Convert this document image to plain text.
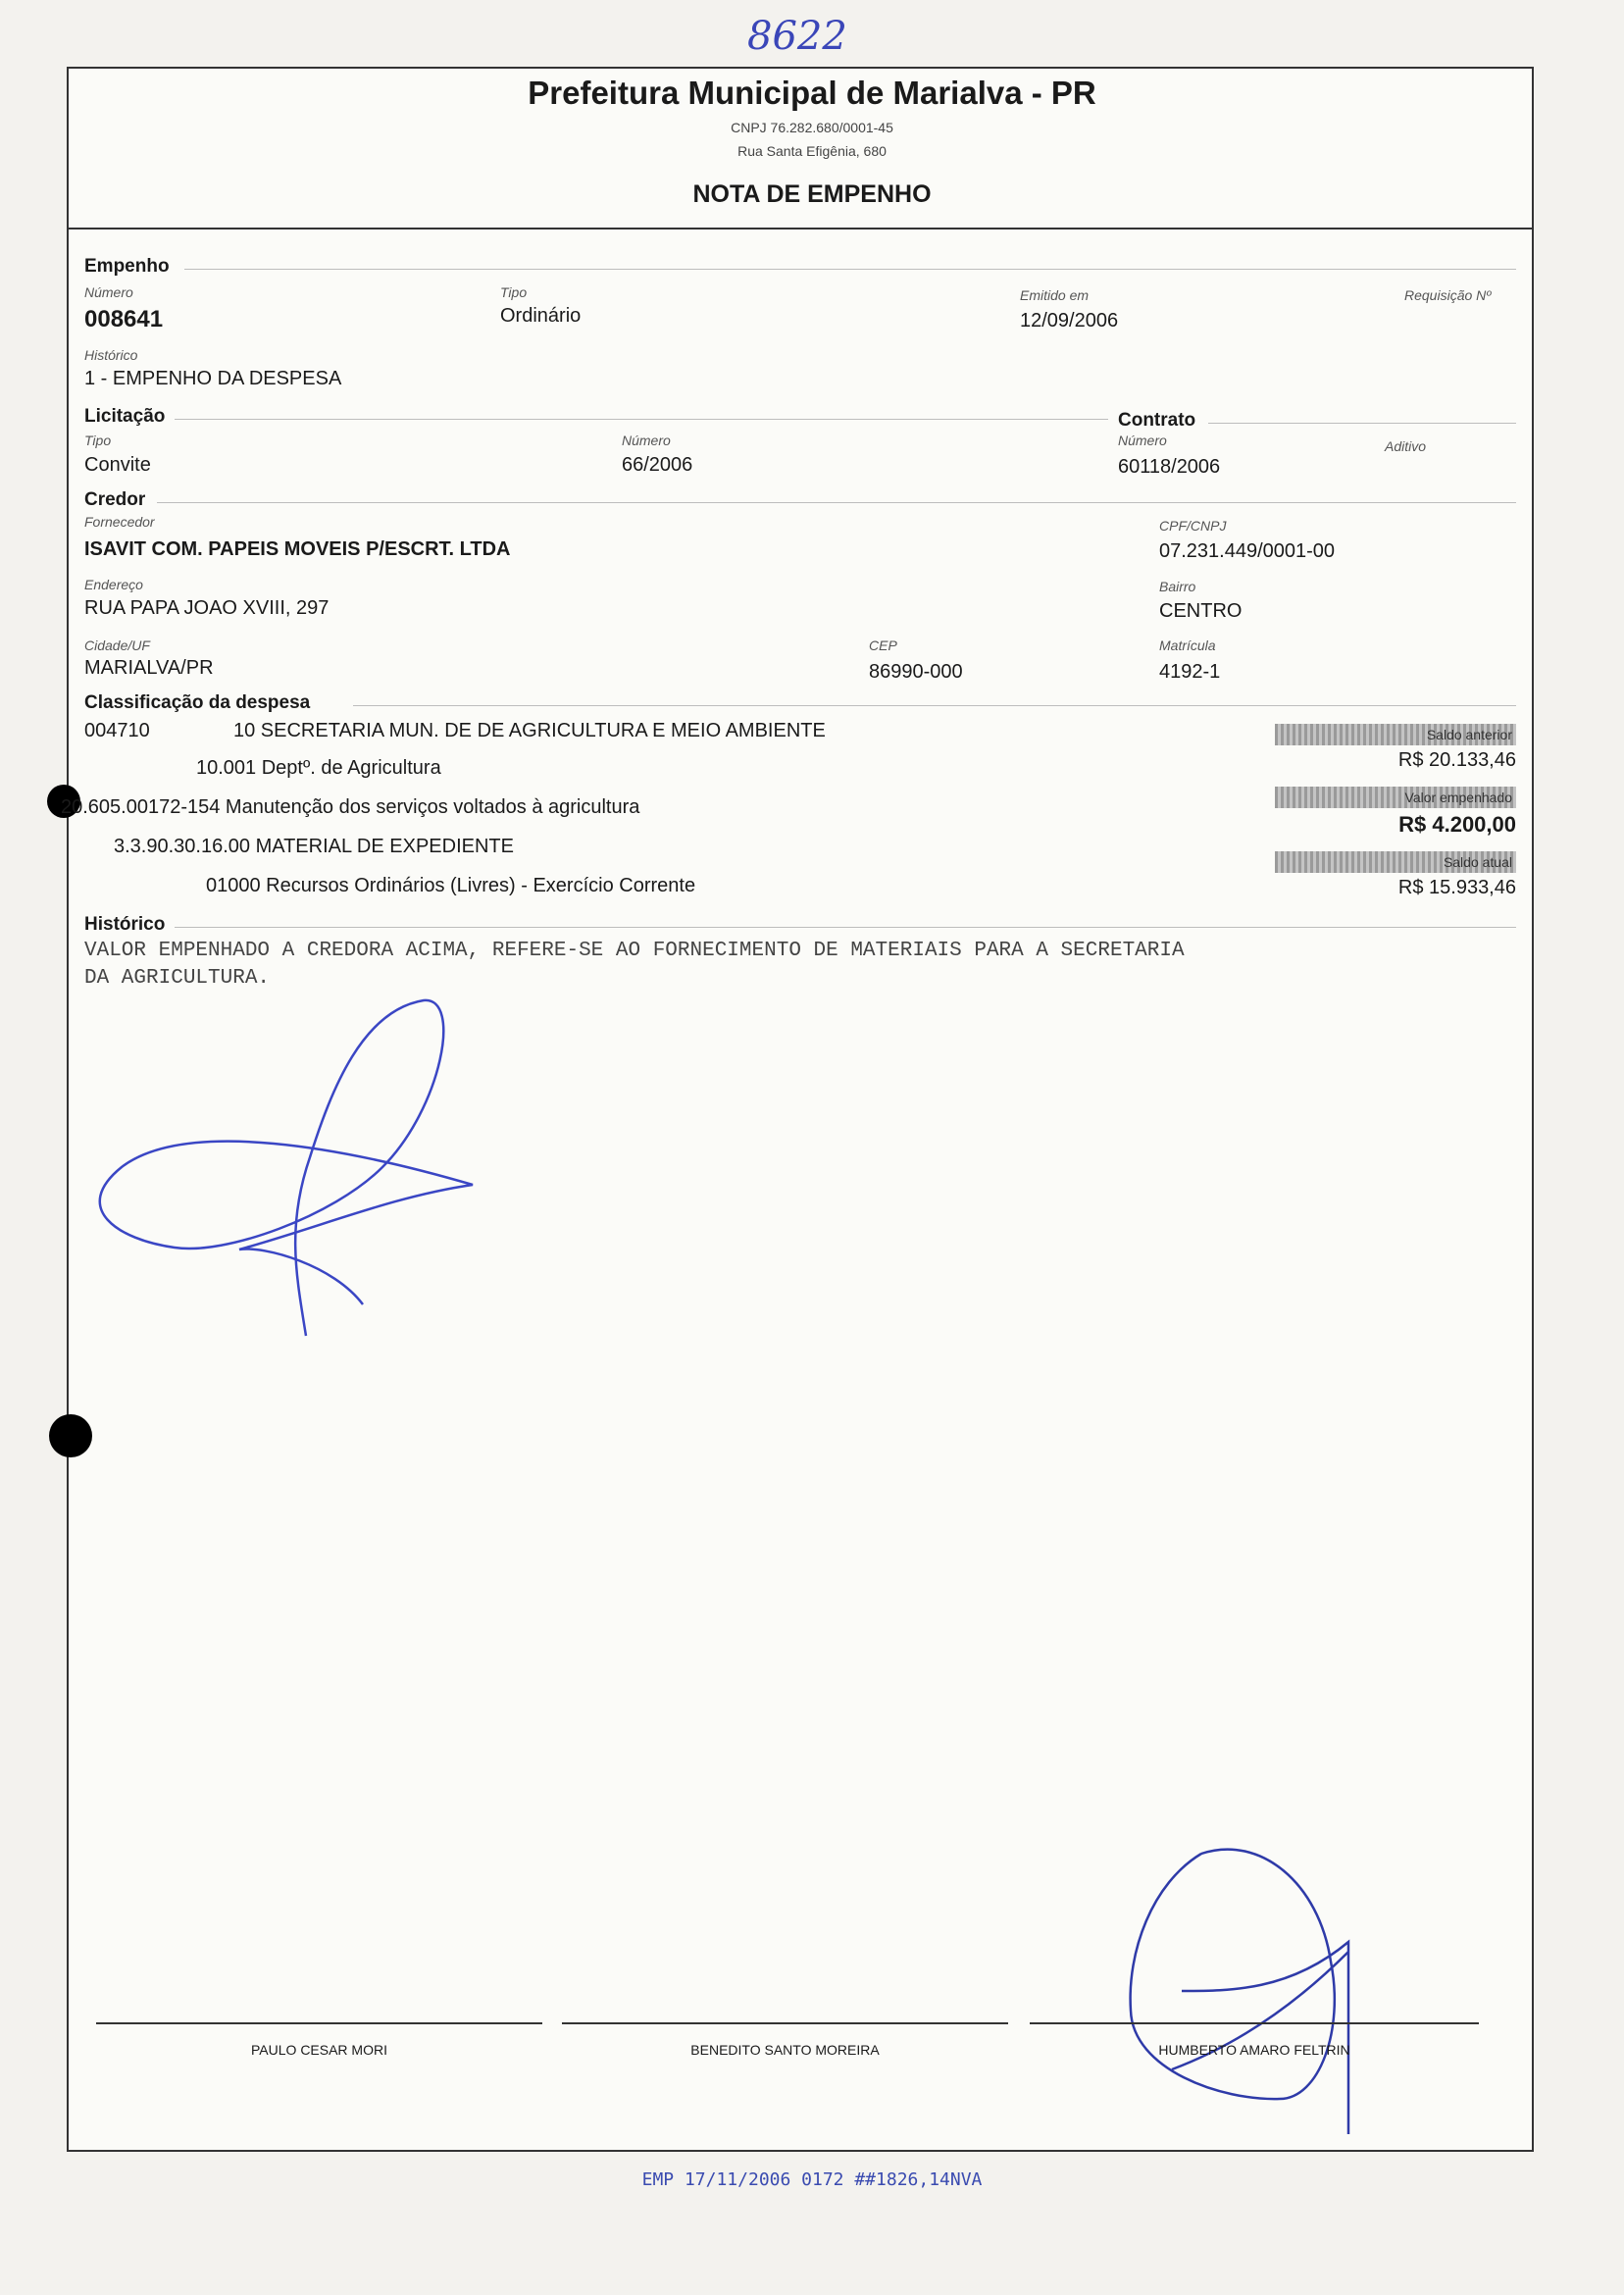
8622
Prefeitura Municipal de Marialva - PR
CNPJ 76.282.680/0001-45
Rua Santa Efigênia, 680
NOTA DE EMPENHO
Empenho
Número
008641
Tipo
Ordinário
Emitido em
12/09/2006
Requisição Nº
Histórico
1 - EMPENHO DA DESPESA
Licitação
Tipo
Convite
Número
66/2006
Contrato
Número
60118/2006
Aditivo
Credor
Fornecedor
ISAVIT COM. PAPEIS MOVEIS P/ESCRT. LTDA
CPF/CNPJ
07.231.449/0001-00
Endereço
RUA PAPA JOAO XVIII, 297
Bairro
CENTRO
Cidade/UF
MARIALVA/PR
CEP
86990-000
Matrícula
4192-1
Classificação da despesa
004710	10 SECRETARIA MUN. DE DE AGRICULTURA E MEIO AMBIENTE
10.001 Deptº. de Agricultura
20.605.00172-154 Manutenção dos serviços voltados à agricultura
3.3.90.30.16.00 MATERIAL DE EXPEDIENTE
01000 Recursos Ordinários (Livres) - Exercício Corrente
Saldo anterior
R$ 20.133,46
Valor empenhado
R$ 4.200,00
Saldo atual
R$ 15.933,46
Histórico
VALOR EMPENHADO A CREDORA ACIMA, REFERE-SE AO FORNECIMENTO DE MATERIAIS PARA A SECRETARIA
DA AGRICULTURA.
PAULO CESAR MORI	BENEDITO SANTO MOREIRA	HUMBERTO AMARO FELTRIN
EMP 17/11/2006 0172 ##1826,14NVA
